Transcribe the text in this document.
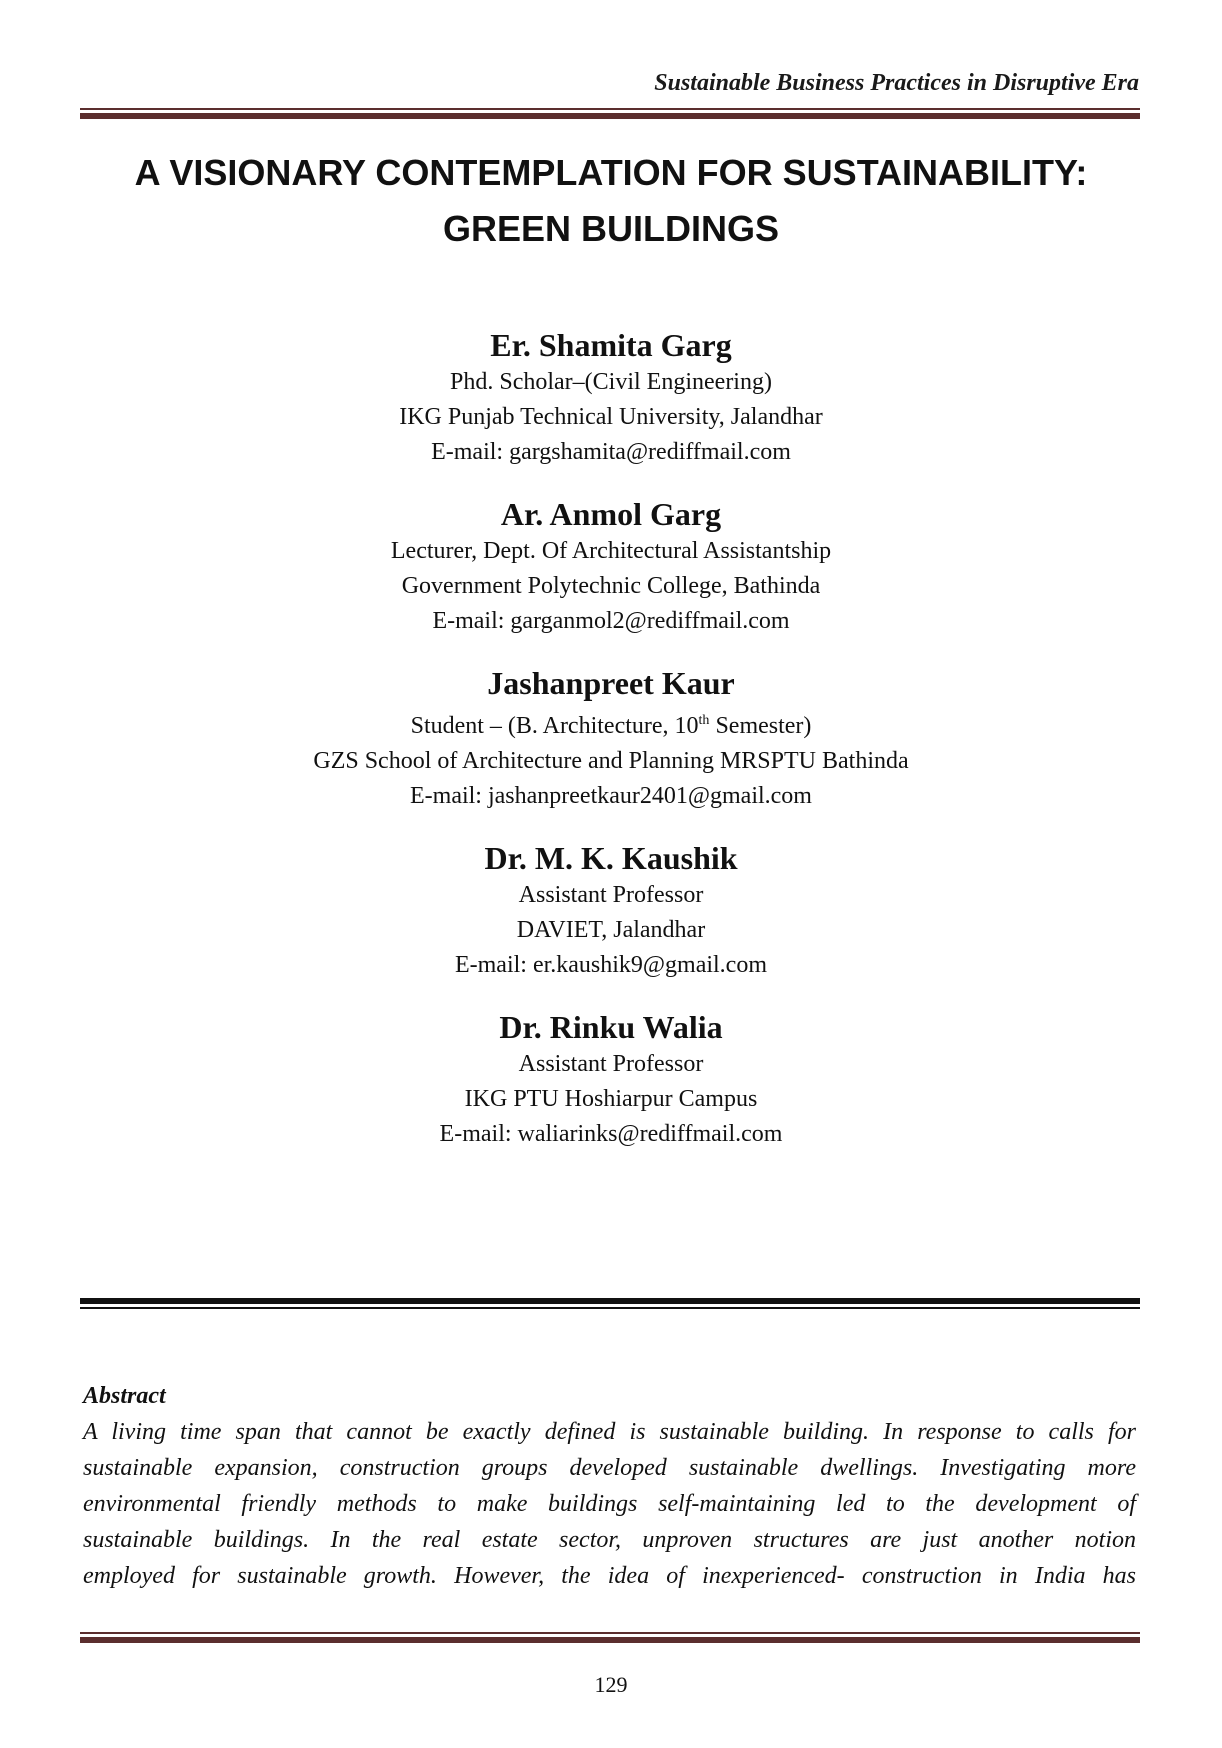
Sustainable Business Practices in Disruptive Era
A VISIONARY CONTEMPLATION FOR SUSTAINABILITY:
GREEN BUILDINGS
Er. Shamita Garg
Phd. Scholar–(Civil Engineering)
IKG Punjab Technical University, Jalandhar
E-mail: gargshamita@rediffmail.com
Ar. Anmol Garg
Lecturer, Dept. Of Architectural Assistantship
Government Polytechnic College, Bathinda
E-mail: garganmol2@rediffmail.com
Jashanpreet Kaur
Student – (B. Architecture, 10th Semester)
GZS School of Architecture and Planning MRSPTU Bathinda
E-mail: jashanpreetkaur2401@gmail.com
Dr. M. K. Kaushik
Assistant Professor
DAVIET, Jalandhar
E-mail: er.kaushik9@gmail.com
Dr. Rinku Walia
Assistant Professor
IKG PTU Hoshiarpur Campus
E-mail: waliarinks@rediffmail.com
Abstract

A living time span that cannot be exactly defined is sustainable building. In response to calls for
sustainable expansion, construction groups developed sustainable dwellings. Investigating more
environmental friendly methods to make buildings self-maintaining led to the development of
sustainable buildings. In the real estate sector, unproven structures are just another notion
employed for sustainable growth. However, the idea of inexperienced- construction in India has

129
